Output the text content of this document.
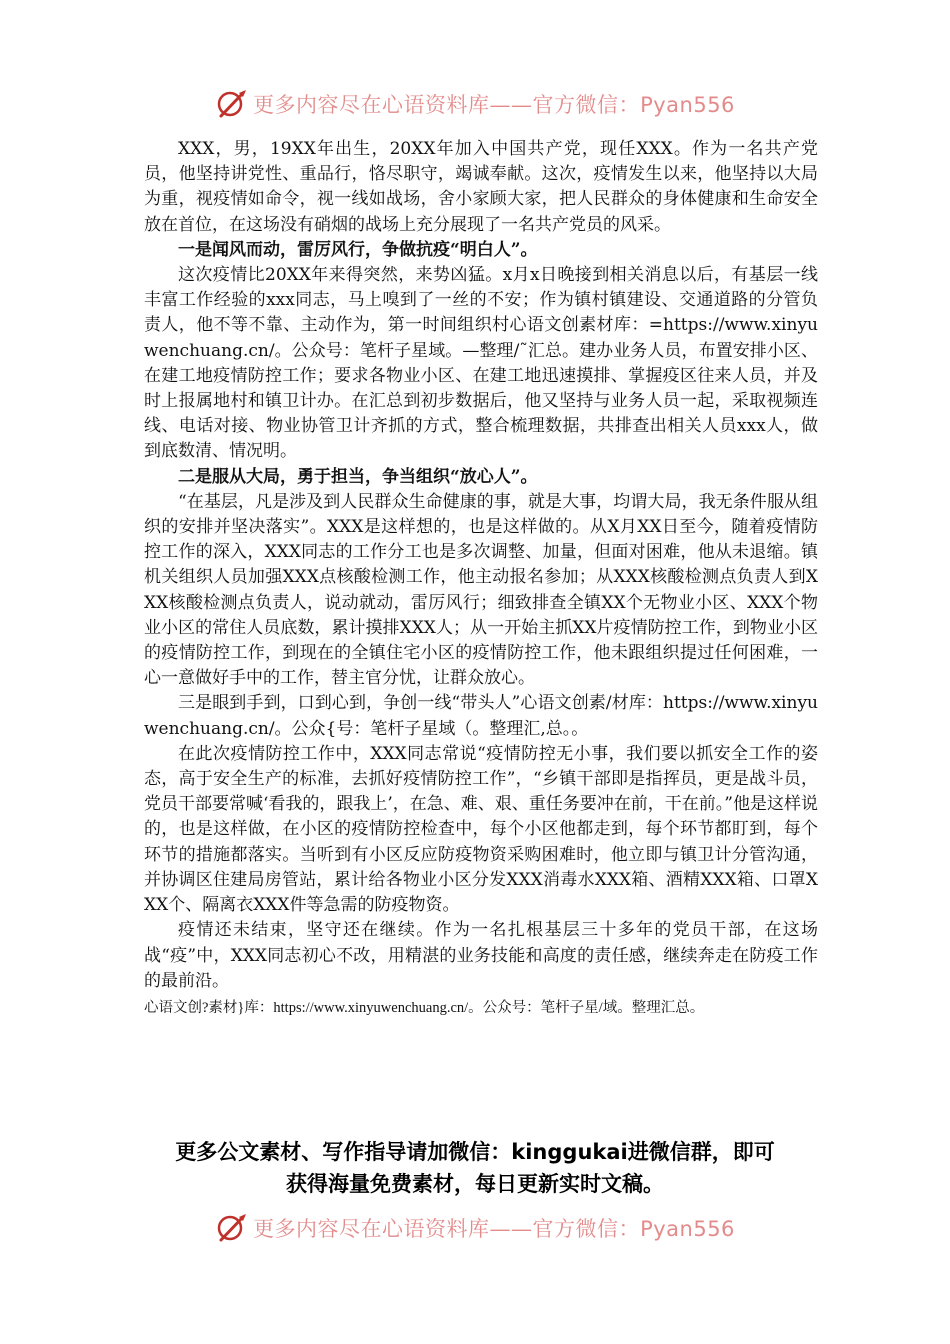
更多内容尽在心语资料库——官方微信：Pyan556

XXX，男，19XX年出生，20XX年加入中国共产党，现任XXX。作为一名共产党员，他坚持讲党性、重品行，恪尽职守，竭诚奉献。这次，疫情发生以来，他坚持以大局为重，视疫情如命令，视一线如战场，舍小家顾大家，把人民群众的身体健康和生命安全放在首位，在这场没有硝烟的战场上充分展现了一名共产党员的风采。

一是闻风而动，雷厉风行，争做抗疫“明白人”。

这次疫情比20XX年来得突然，来势凶猛。x月x日晚接到相关消息以后，有基层一线丰富工作经验的xxx同志，马上嗅到了一丝的不安；作为镇村镇建设、交通道路的分管负责人，他不等不靠、主动作为，第一时间组织村心语文创素材库：=https://www.xinyuwenchuang.cn/。公众号：笔杆子星域。—整理/˜汇总。建办业务人员，布置安排小区、在建工地疫情防控工作；要求各物业小区、在建工地迅速摸排、掌握疫区往来人员，并及时上报属地村和镇卫计办。在汇总到初步数据后，他又坚持与业务人员一起，采取视频连线、电话对接、物业协管卫计齐抓的方式，整合梳理数据，共排查出相关人员xxx人，做到底数清、情况明。

二是服从大局，勇于担当，争当组织“放心人”。

“在基层，凡是涉及到人民群众生命健康的事，就是大事，均谓大局，我无条件服从组织的安排并坚决落实”。XXX是这样想的，也是这样做的。从X月XX日至今，随着疫情防控工作的深入，XXX同志的工作分工也是多次调整、加量，但面对困难，他从未退缩。镇机关组织人员加强XXX点核酸检测工作，他主动报名参加；从XXX核酸检测点负责人到XXX核酸检测点负责人，说动就动，雷厉风行；细致排查全镇XX个无物业小区、XXX个物业小区的常住人员底数，累计摸排XXX人；从一开始主抓XX片疫情防控工作，到物业小区的疫情防控工作，到现在的全镇住宅小区的疫情防控工作，他未跟组织提过任何困难，一心一意做好手中的工作，替主官分忧，让群众放心。

三是眼到手到，口到心到，争创一线“带头人”心语文创素/材库：https://www.xinyuwenchuang.cn/。公众{号：笔杆子星域（。整理汇,总。。

在此次疫情防控工作中，XXX同志常说“疫情防控无小事，我们要以抓安全工作的姿态，高于安全生产的标准，去抓好疫情防控工作”，“乡镇干部即是指挥员，更是战斗员，党员干部要常喊‘看我的，跟我上’，在急、难、艰、重任务要冲在前，干在前。”他是这样说的，也是这样做，在小区的疫情防控检查中，每个小区他都走到，每个环节都盯到，每个环节的措施都落实。当听到有小区反应防疫物资采购困难时，他立即与镇卫计分管沟通，并协调区住建局房管站，累计给各物业小区分发XXX消毒水XXX箱、酒精XXX箱、口罩XXX个、隔离衣XXX件等急需的防疫物资。

疫情还未结束，坚守还在继续。作为一名扎根基层三十多年的党员干部，在这场战“疫”中，XXX同志初心不改，用精湛的业务技能和高度的责任感，继续奔走在防疫工作的最前沿。

心语文创?素材}库：https://www.xinyuwenchuang.cn/。公众号：笔杆子星/域。整理汇总。

更多公文素材、写作指导请加微信：kinggukai进微信群，即可
获得海量免费素材，每日更新实时文稿。
更多内容尽在心语资料库——官方微信：Pyan556
